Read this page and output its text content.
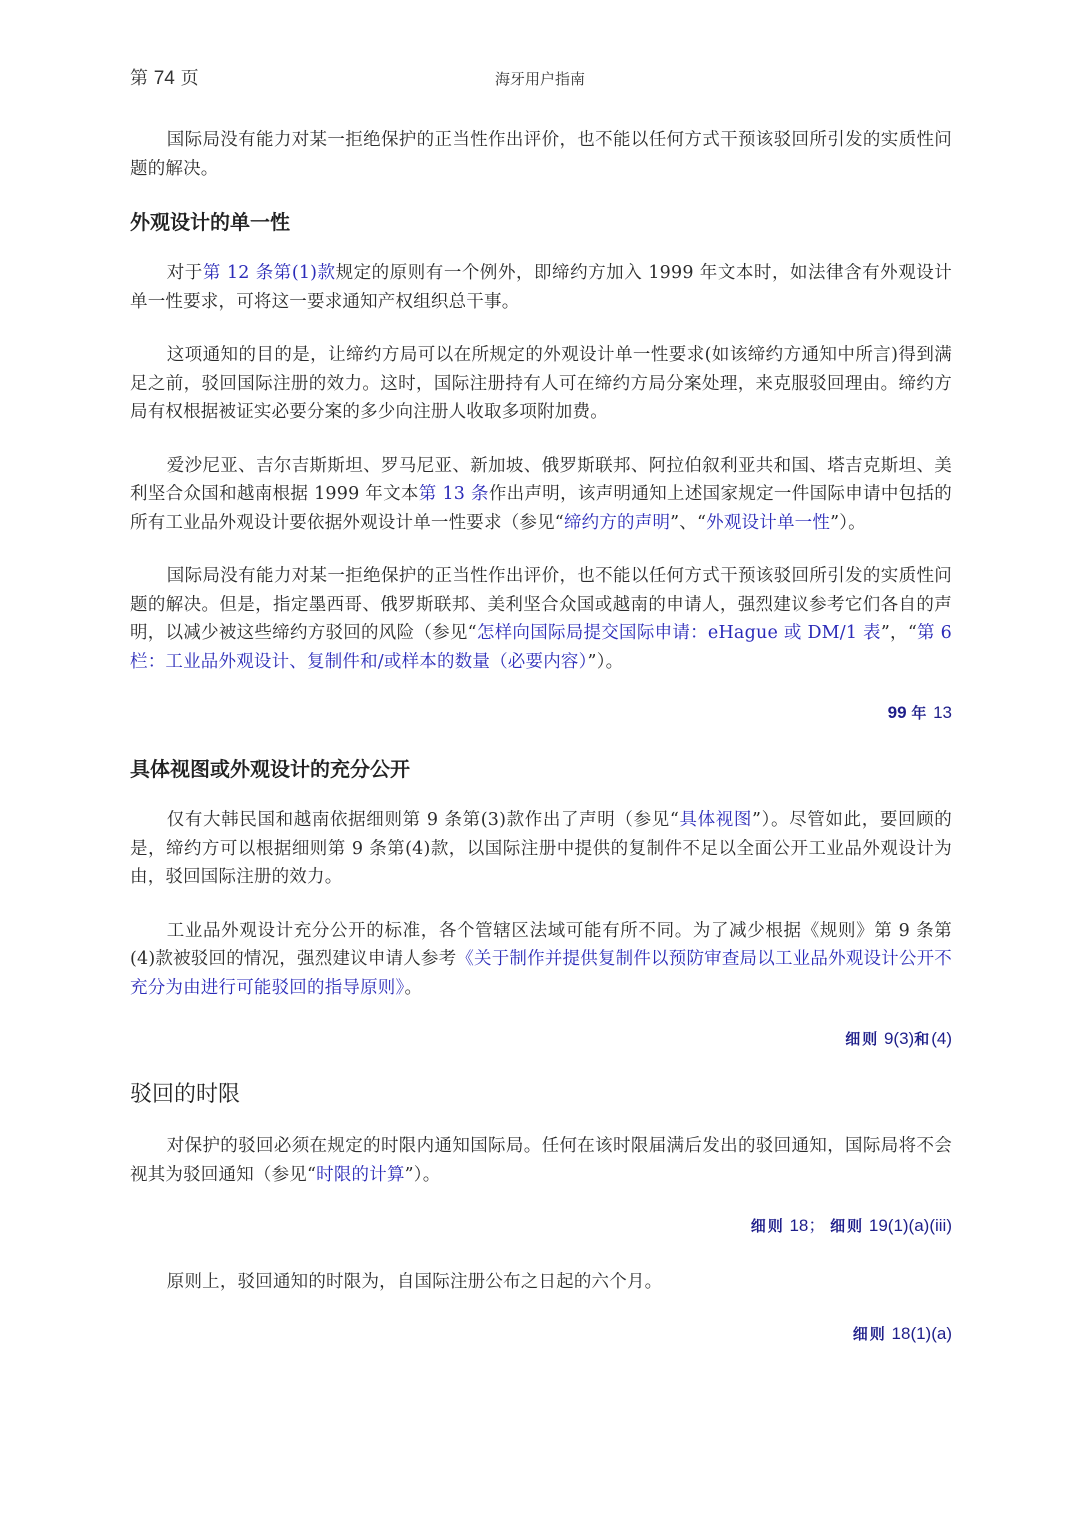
第 74 页	海牙用户指南

国际局没有能力对某一拒绝保护的正当性作出评价，也不能以任何方式干预该驳回所引发的实质性问题的解决。

外观设计的单一性

对于第 12 条第(1)款规定的原则有一个例外，即缔约方加入 1999 年文本时，如法律含有外观设计单一性要求，可将这一要求通知产权组织总干事。

这项通知的目的是，让缔约方局可以在所规定的外观设计单一性要求(如该缔约方通知中所言)得到满足之前，驳回国际注册的效力。这时，国际注册持有人可在缔约方局分案处理，来克服驳回理由。缔约方局有权根据被证实必要分案的多少向注册人收取多项附加费。

爱沙尼亚、吉尔吉斯斯坦、罗马尼亚、新加坡、俄罗斯联邦、阿拉伯叙利亚共和国、塔吉克斯坦、美利坚合众国和越南根据 1999 年文本第 13 条作出声明，该声明通知上述国家规定一件国际申请中包括的所有工业品外观设计要依据外观设计单一性要求（参见“缔约方的声明”、“外观设计单一性”）。

国际局没有能力对某一拒绝保护的正当性作出评价，也不能以任何方式干预该驳回所引发的实质性问题的解决。但是，指定墨西哥、俄罗斯联邦、美利坚合众国或越南的申请人，强烈建议参考它们各自的声明，以减少被这些缔约方驳回的风险（参见“怎样向国际局提交国际申请：eHague 或 DM/1 表”，“第 6 栏：工业品外观设计、复制件和/或样本的数量（必要内容）”）。

99 年 13
具体视图或外观设计的充分公开

仅有大韩民国和越南依据细则第 9 条第(3)款作出了声明（参见“具体视图”）。尽管如此，要回顾的是，缔约方可以根据细则第 9 条第(4)款，以国际注册中提供的复制件不足以全面公开工业品外观设计为由，驳回国际注册的效力。

工业品外观设计充分公开的标准，各个管辖区法域可能有所不同。为了减少根据《规则》第 9 条第(4)款被驳回的情况，强烈建议申请人参考《关于制作并提供复制件以预防审查局以工业品外观设计公开不充分为由进行可能驳回的指导原则》。

细则 9(3)和(4)
驳回的时限

对保护的驳回必须在规定的时限内通知国际局。任何在该时限届满后发出的驳回通知，国际局将不会视其为驳回通知（参见“时限的计算”）。

细则 18； 细则 19(1)(a)(iii)

原则上，驳回通知的时限为，自国际注册公布之日起的六个月。

细则 18(1)(a)
